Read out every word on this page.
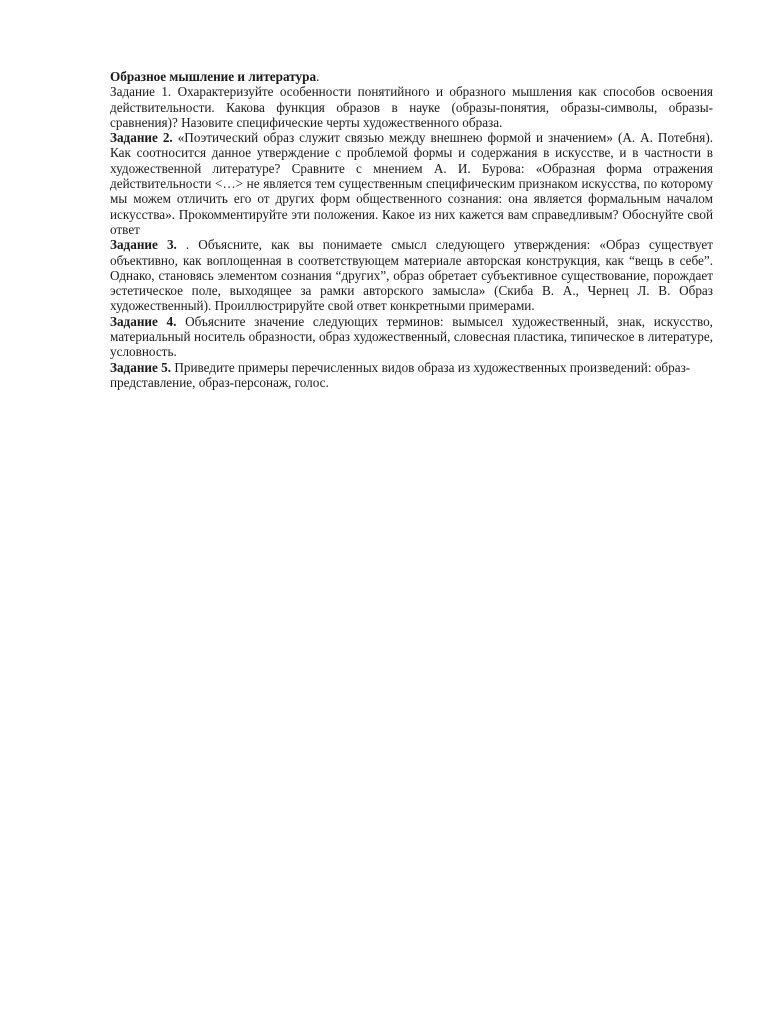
Образное мышление и литература.

Задание 1. Охарактеризуйте особенности понятийного и образного мышления как способов освоения действительности. Какова функция образов в науке (образы-понятия, образы-символы, образы-сравнения)? Назовите специфические черты художественного образа.

Задание 2. «Поэтический образ служит связью между внешнею формой и значением» (А. А. Потебня). Как соотносится данное утверждение с проблемой формы и содержания в искусстве, и в частности в художественной литературе? Сравните с мнением А. И. Бурова: «Образная форма отражения действительности <…> не является тем существенным специфическим признаком искусства, по которому мы можем отличить его от других форм общественного сознания: она является формальным началом искусства». Прокомментируйте эти положения. Какое из них кажется вам справедливым? Обоснуйте свой ответ

Задание 3. . Объясните, как вы понимаете смысл следующего утверждения: «Образ существует объективно, как воплощенная в соответствующем материале авторская конструкция, как “вещь в себе”. Однако, становясь элементом сознания “других”, образ обретает субъективное существование, порождает эстетическое поле, выходящее за рамки авторского замысла» (Скиба В. А., Чернец Л. В. Образ художественный). Проиллюстрируйте свой ответ конкретными примерами.

Задание 4. Объясните значение следующих терминов: вымысел художественный, знак, искусство, материальный носитель образности, образ художественный, словесная пластика, типическое в литературе, условность.

Задание 5. Приведите примеры перечисленных видов образа из художественных произведений: образ-представление, образ-персонаж, голос.
